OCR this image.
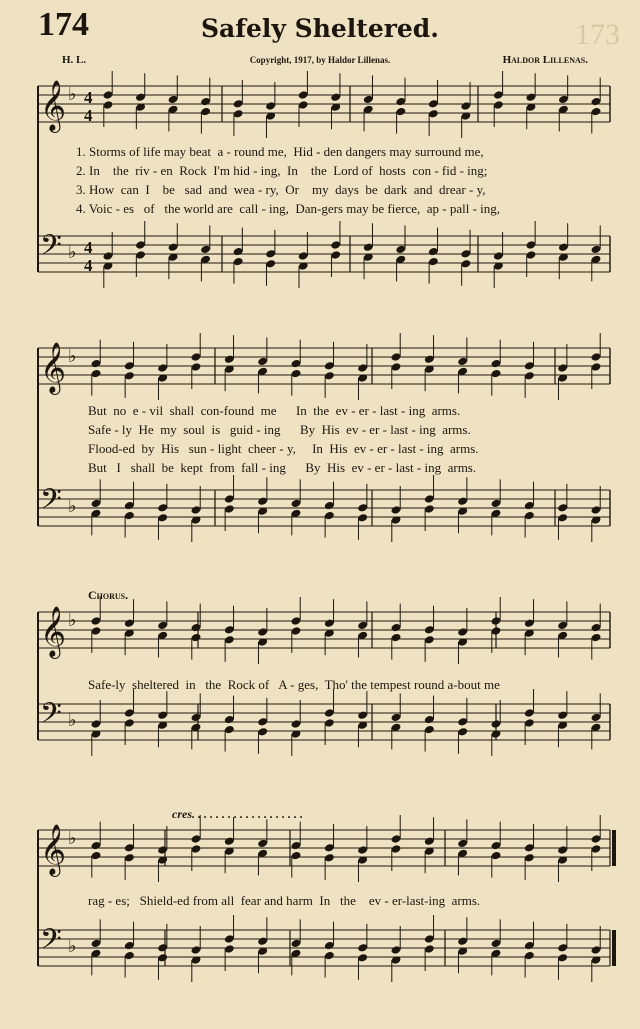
174	Safely Sheltered.	173
H. L.	Copyright, 1917, by Haldor Lillenas.	Haldor Lillenas.
𝄞 ♭ 4
4
𝄢 ♭ 4
4
𝄞 ♭
𝄢 ♭
𝄞 ♭
𝄢 ♭
𝄞 ♭
𝄢 ♭
1. Storms of life may beat  a - round me,  Hid - den dangers may surround me,
2. In    the  riv - en  Rock  I'm hid - ing,  In    the  Lord of  hosts  con - fid - ing;
3. How  can  I    be   sad  and  wea - ry,  Or    my  days  be  dark  and  drear - y,
4. Voic - es   of   the world are  call - ing,  Dan-gers may be fierce,  ap - pall - ing,
But  no  e - vil  shall  con-found  me      In  the  ev - er - last - ing  arms.
Safe - ly  He  my  soul  is   guid - ing      By  His  ev - er - last - ing  arms.
Flood-ed  by  His   sun - light  cheer - y,     In  His  ev - er - last - ing  arms.
But   I   shall  be  kept  from  fall - ing      By  His  ev - er - last - ing  arms.
Chorus.
Safe-ly  sheltered  in   the  Rock of   A - ges,  Tho' the tempest round a-bout me
cres. . . . . . . . . . . . . . . . . . .
rag - es;   Shield-ed from all  fear and harm  In   the    ev - er-last-ing  arms.
